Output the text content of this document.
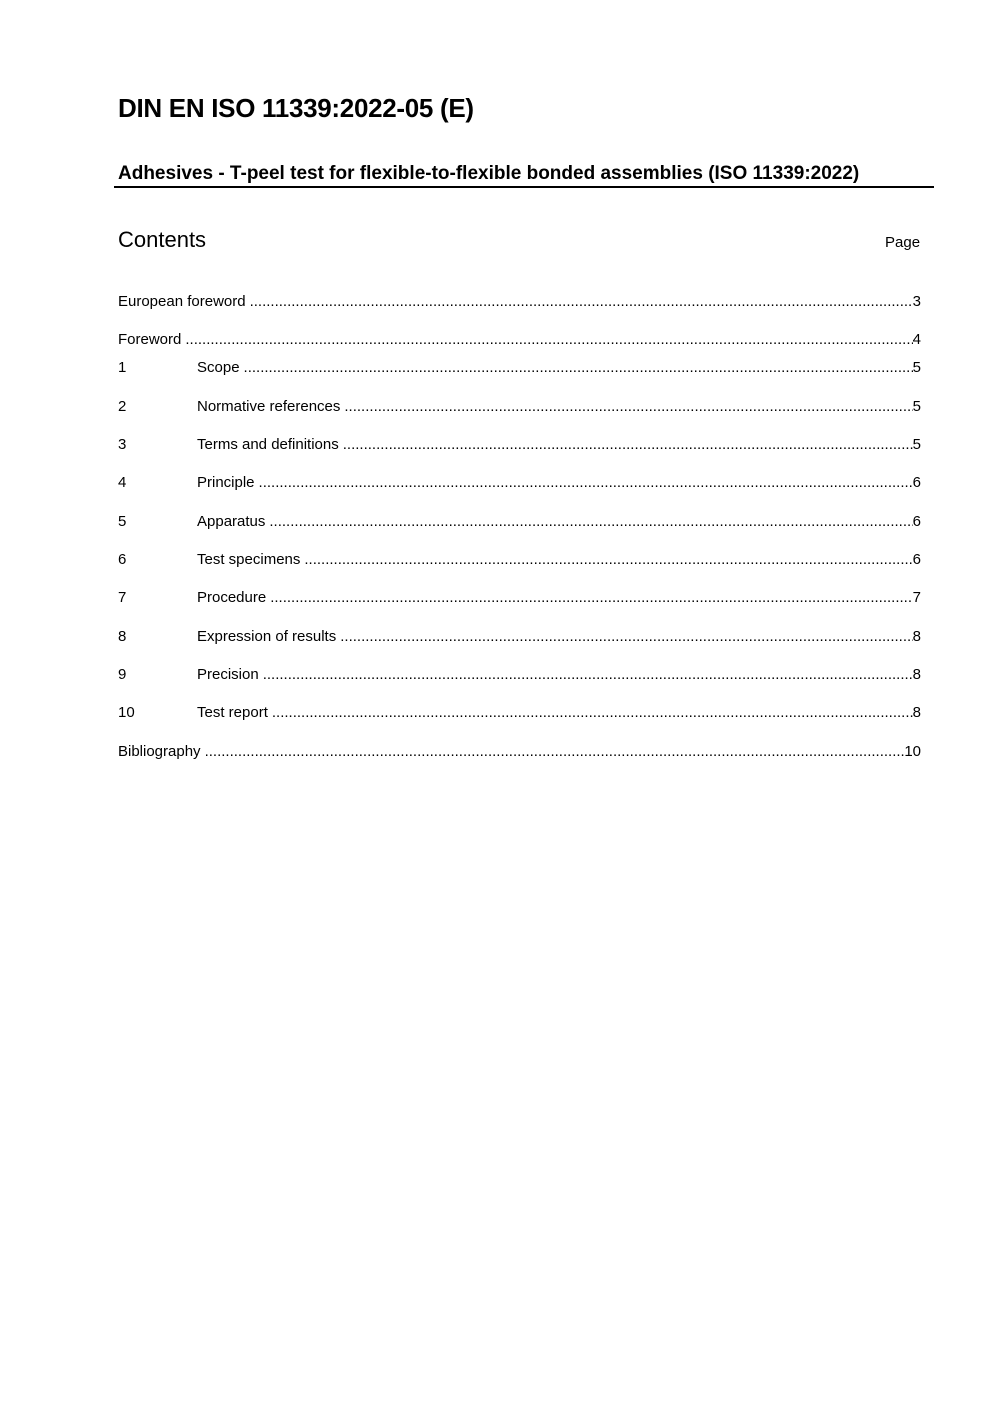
DIN EN ISO 11339:2022-05 (E)
Adhesives - T-peel test for flexible-to-flexible bonded assemblies (ISO 11339:2022)
Contents	Page
European foreword .....	3
Foreword .....	4
1	Scope .....	5
2	Normative references .....	5
3	Terms and definitions .....	5
4	Principle .....	6
5	Apparatus .....	6
6	Test specimens .....	6
7	Procedure .....	7
8	Expression of results .....	8
9	Precision .....	8
10	Test report .....	8
Bibliography .....	10
